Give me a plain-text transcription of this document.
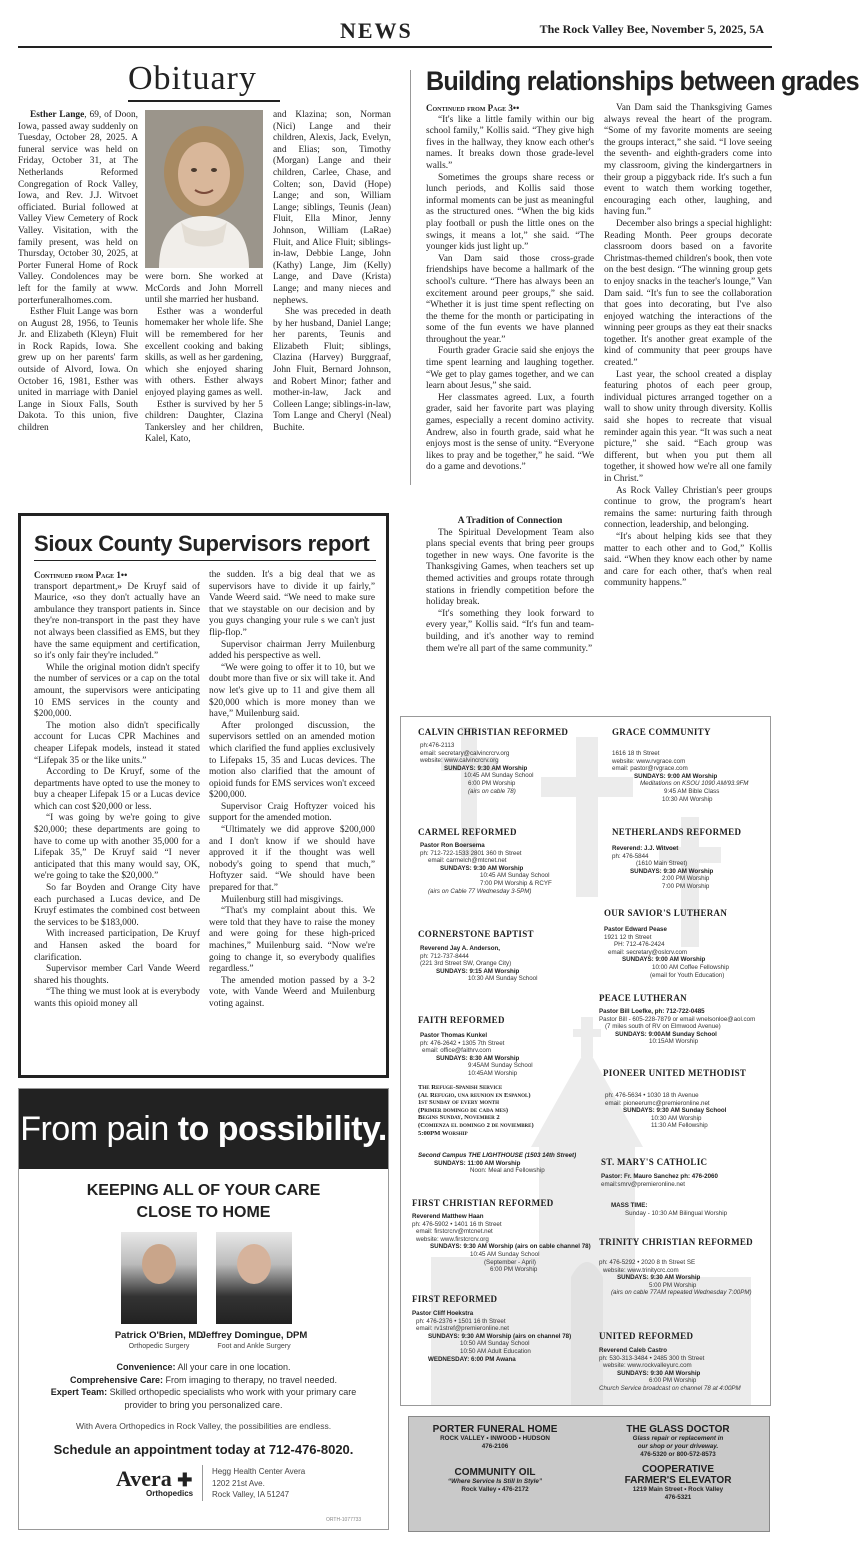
NEWS	The Rock Valley Bee, November 5, 2025, 5A
Obituary

Esther Lange, 69, of Doon, Iowa, passed away suddenly on Tuesday, October 28, 2025. A funeral service was held on Friday, October 31, at The Netherlands Reformed Congregation of Rock Valley, Iowa, and Rev. J.J. Witvoet officiated. Burial followed at Valley View Cemetery of Rock Valley. Visitation, with the family present, was held on Thursday, October 30, 2025, at Porter Funeral Home of Rock Valley. Condolences may be left for the family at www. porterfuneralhomes.com.

Esther Fluit Lange was born on August 28, 1956, to Teunis Jr. and Elizabeth (Kleyn) Fluit in Rock Rapids, Iowa. She grew up on her parents' farm outside of Alvord, Iowa. On October 16, 1981, Esther was united in marriage with Daniel Lange in Sioux Falls, South Dakota. To this union, five children

were born. She worked at McCords and John Morrell until she married her husband.

Esther was a wonderful homemaker her whole life. She will be remembered for her excellent cooking and baking skills, as well as her gardening, which she enjoyed sharing with others. Esther always enjoyed playing games as well.

Esther is survived by her 5 children: Daughter, Clazina Tankersley and her children, Kalel, Kato,

and Klazina; son, Norman (Nici) Lange and their children, Alexis, Jack, Evelyn, and Elias; son, Timothy (Morgan) Lange and their children, Carlee, Chase, and Colten; son, David (Hope) Lange; and son, William Lange; siblings, Teunis (Jean) Fluit, Ella Minor, Jenny Johnson, William (LaRae) Fluit, and Alice Fluit; siblings-in-law, Debbie Lange, John (Kathy) Lange, Jim (Kelly) Lange, and Dave (Krista) Lange; and many nieces and nephews.

She was preceded in death by her husband, Daniel Lange; her parents, Teunis and Elizabeth Fluit; siblings, Clazina (Harvey) Burggraaf, John Fluit, Bernard Johnson, and Robert Minor; father and mother-in-law, Jack and Colleen Lange; siblings-in-law, Tom Lange and Cheryl (Neal) Buchite.

Building relationships between grades

Continued from Page 3••

“It's like a little family within our big school family,” Kollis said. “They give high fives in the hallway, they know each other's names. It breaks down those grade-level walls.”

Sometimes the groups share recess or lunch periods, and Kollis said those informal moments can be just as meaningful as the structured ones. “When the big kids play football or push the little ones on the swings, it means a lot,” she said. “The younger kids just light up.”

Van Dam said those cross-grade friendships have become a hallmark of the school's culture. “There has always been an excitement around peer groups,” she said. “Whether it is just time spent reflecting on the theme for the month or participating in some of the fun events we have planned throughout the year.”

Fourth grader Gracie said she enjoys the time spent learning and laughing together. “We get to play games together, and we can learn about Jesus,” she said.

Her classmates agreed. Lux, a fourth grader, said her favorite part was playing games, especially a recent domino activity. Andrew, also in fourth grade, said what he enjoys most is the sense of unity. “Everyone likes to pray and be together,” he said. “We do a game and devotions.”

A Tradition of Connection

The Spiritual Development Team also plans special events that bring peer groups together in new ways. One favorite is the Thanksgiving Games, when teachers set up themed activities and groups rotate through stations in friendly competition before the holiday break.

“It's something they look forward to every year,” Kollis said. “It's fun and team-building, and it's another way to remind them we're all part of the same community.”

Van Dam said the Thanksgiving Games always reveal the heart of the program. “Some of my favorite moments are seeing the groups interact,” she said. “I love seeing the seventh- and eighth-graders come into my classroom, giving the kindergartners in their group a piggyback ride. It's such a fun event to watch them working together, encouraging each other, laughing, and having fun.”

December also brings a special highlight: Reading Month. Peer groups decorate classroom doors based on a favorite Christmas-themed children's book, then vote on the best design. “The winning group gets to enjoy snacks in the teacher's lounge,” Van Dam said. “It's fun to see the collaboration that goes into decorating, but I've also enjoyed watching the interactions of the winning peer groups as they eat their snacks together. It's another great example of the kind of community that peer groups have created.”

Last year, the school created a display featuring photos of each peer group, individual pictures arranged together on a wall to show unity through diversity. Kollis said she hopes to recreate that visual reminder again this year. “It was such a neat picture,” she said. “Each group was different, but when you put them all together, it showed how we're all one family in Christ.”

As Rock Valley Christian's peer groups continue to grow, the program's heart remains the same: nurturing faith through connection, leadership, and belonging.

“It's about helping kids see that they matter to each other and to God,” Kollis said. “When they know each other by name and care for each other, that's when real community happens.”

Sioux County Supervisors report

Continued from Page 1••

transport department,» De Kruyf said of Maurice, «so they don't actually have an ambulance they transport patients in. Since they're non-transport in the past they have not always been classified as EMS, but they have the same equipment and certification, so it's only fair they're included.”

While the original motion didn't specify the number of services or a cap on the total amount, the supervisors were anticipating 10 EMS services in the county and $200,000.

The motion also didn't specifically account for Lucas CPR Machines and cheaper Lifepak models, instead it stated “Lifepak 35 or the like units.”

According to De Kruyf, some of the departments have opted to use the money to buy a cheaper Lifepak 15 or a Lucas device which can cost $20,000 or less.

“I was going by we're going to give $20,000; these departments are going to have to come up with another 35,000 for a Lifepak 35,” De Kruyf said “I never anticipated that this many would say, OK, we're going to take the $20,000.”

So far Boyden and Orange City have each purchased a Lucas device, and De Kruyf estimates the combined cost between the services to be $183,000.

With increased participation, De Kruyf and Hansen asked the board for clarification.

Supervisor member Carl Vande Weerd shared his thoughts.

“The thing we must look at is everybody wants this opioid money all

the sudden. It's a big deal that we as supervisors have to divide it up fairly,” Vande Weerd said. “We need to make sure that we staystable on our decision and by you guys changing your rule s we can't just flip-flop.”

Supervisor chairman Jerry Muilenburg added his perspective as well.

“We were going to offer it to 10, but we doubt more than five or six will take it. And now let's give up to 11 and give them all $20,000 which is more money than we have,” Muilenburg said.

After prolonged discussion, the supervisors settled on an amended motion which clarified the fund applies exclusively to Lifepaks 15, 35 and Lucas devices. The motion also clarified that the amount of opioid funds for EMS services won't exceed $200,000.

Supervisor Craig Hoftyzer voiced his support for the amended motion.

“Ultimately we did approve $200,000 and I don't know if we should have approved it if the thought was well nobody's going to spend that much,” Hoftyzer said. “We should have been prepared for that.”

Muilenburg still had misgivings.

“That's my complaint about this. We were told that they have to raise the money and were going for these high-priced machines,” Muilenburg said. “Now we're going to change it, so everybody qualifies regardless.”

The amended motion passed by a 3-2 vote, with Vande Weerd and Muilenburg voting against.

From pain to possibility.
KEEPING ALL OF YOUR CARE
CLOSE TO HOME
Patrick O'Brien, MD
Orthopedic Surgery
Jeffrey Domingue, DPM
Foot and Ankle Surgery
Convenience: All your care in one location.
Comprehensive Care: From imaging to therapy, no travel needed.
Expert Team: Skilled orthopedic specialists who work with your primary care provider to bring you personalized care.
With Avera Orthopedics in Rock Valley, the possibilities are endless.
Schedule an appointment today at 712-476-8020.
Avera ✚
Orthopedics
Hegg Health Center Avera
1202 21st Ave.
Rock Valley, IA 51247
ORTH-1077733
CALVIN CHRISTIAN REFORMED
ph:476-2113
email: secretary@calvincrcrv.org
website: www.calvincrcrv.org
SUNDAYS: 9:30 AM Worship
10:45 AM Sunday School
6:00 PM Worship
(airs on cable 78)
CARMEL REFORMED
Pastor Ron Boersema
ph: 712-722-1533 2801 360 th Street
email: carmelch@mtcnet.net
SUNDAYS: 9:30 AM Worship
10:45 AM Sunday School
7:00 PM Worship & RCYF
(airs on Cable 77 Wednesday 3-5PM)
CORNERSTONE BAPTIST
Reverend Jay A. Anderson,
ph: 712-737-8444
(221 3rd Street SW, Orange City)
SUNDAYS: 9:15 AM Worship
10:30 AM Sunday School
FAITH REFORMED
Pastor Thomas Kunkel
ph: 476-2642 • 1305 7th Street
email: office@faithrv.com
SUNDAYS: 8:30 AM Worship
9:45AM Sunday School
10:45AM Worship
The Refuge-Spanish Service
(Al Refugio, una reunion en Espanol)
1st Sunday of every month
(Primer domingo de cada mes)
Begins Sunday, November 2
(Comienza el domingo 2 de noviembre)
5:00PM Worship
Second Campus THE LIGHTHOUSE (1503 14th Street)
SUNDAYS: 11:00 AM Worship
Noon: Meal and Fellowship
FIRST CHRISTIAN REFORMED
Reverend Matthew Haan
ph: 476-5902 • 1401 16 th Street
email: firstcrcrv@mtcnet.net
website: www.firstcrcrv.org
SUNDAYS: 9:30 AM Worship (airs on cable channel 78)
10:45 AM Sunday School
(September - April)
6:00 PM Worship
FIRST REFORMED
Pastor Cliff Hoekstra
ph: 476-2376 • 1501 16 th Street
email: rv1stref@premieronline.net
SUNDAYS: 9:30 AM Worship (airs on channel 78)
10:50 AM Sunday School
10:50 AM Adult Education
WEDNESDAY: 6:00 PM Awana
GRACE COMMUNITY
1616 18 th Street
website: www.rvgrace.com
email: pastor@rvgrace.com
SUNDAYS: 9:00 AM Worship
Meditations on KSOU 1090 AM/93.9FM
9:45 AM Bible Class
10:30 AM Worship
NETHERLANDS REFORMED
Reverend: J.J. Witvoet
ph: 476-5844
(1610 Main Street)
SUNDAYS: 9:30 AM Worship
2:00 PM Worship
7:00 PM Worship
OUR SAVIOR'S LUTHERAN
Pastor Edward Pease
1921 12 th Street
PH: 712-476-2424
email: secretary@oslcrv.com
SUNDAYS: 9:00 AM Worship
10:00 AM Coffee Fellowship
(email for Youth Education)
PEACE LUTHERAN
Pastor Bill Loefke, ph: 712-722-0485
Pastor Bill - 605-228-7879 or email wnelsonloe@aol.com
(7 miles south of RV on Elmwood Avenue)
SUNDAYS: 9:00AM Sunday School
10:15AM Worship
PIONEER UNITED METHODIST
ph: 476-5634 • 1030 18 th Avenue
email: pioneerumc@premieronline.net
SUNDAYS: 9:30 AM Sunday School
10:30 AM Worship
11:30 AM Fellowship
ST. MARY'S CATHOLIC
Pastor: Fr. Mauro Sanchez ph: 476-2060
email:smrv@premieronline.net
MASS TIME:
Sunday - 10:30 AM Bilingual Worship
TRINITY CHRISTIAN REFORMED
ph: 476-5292 • 2020 8 th Street SE
website: www.trinitycrc.com
SUNDAYS: 9:30 AM Worship
5:00 PM Worship
(airs on cable 77AM repeated Wednesday 7:00PM)
UNITED REFORMED
Reverend Caleb Castro
ph: 530-313-3484 • 2485 300 th Street
website: www.rockvalleyurc.com
SUNDAYS: 9:30 AM Worship
6:00 PM Worship
Church Service broadcast on channel 78 at 4:00PM
PORTER FUNERAL HOME
ROCK VALLEY • INWOOD • HUDSON
476-2106
THE GLASS DOCTOR
Glass repair or replacement in
our shop or your driveway.
476-5320 or 800-572-8573
COMMUNITY OIL
“Where Service Is Still In Style”
Rock Valley • 476-2172
COOPERATIVE
FARMER'S ELEVATOR
1219 Main Street • Rock Valley
476-5321
